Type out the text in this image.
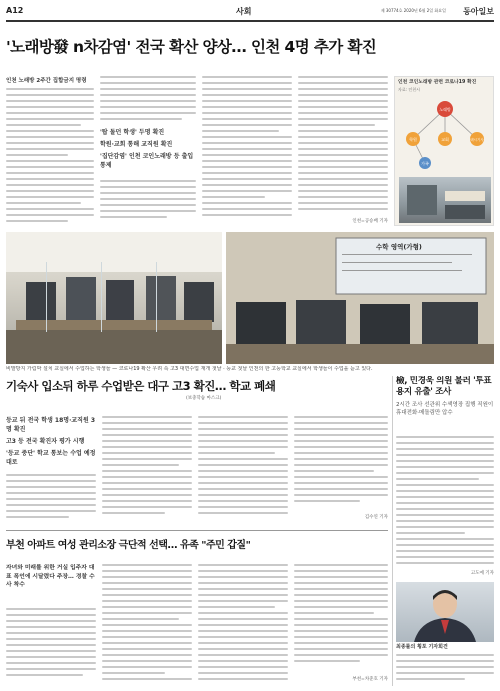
A12	사회	제 30774호 2020년 6월 2일 화요일 동아일보
'노래방發 n차감염' 전국 확산 양상… 인천 4명 추가 확진
인천 노래방 2주간 집합금지 명령
'탑 돌던 학생' 두명 확진
학원·교회 통해 교직원 확진
'집단감염' 인천 코인노래방 등 출입 통제
인천=공승배 기자
인천 코인노래방 관련 코로나19 확진
자료: 인천시
노래방
학원	교회	택시기사
가족
수학 영역(가형)
비말방지 가림막 설치 교실에서 수업하는 학생들 — 코로나19 확산 우려 속 고3 대면수업 재개 첫날 · 등교 첫날 인천의 한 고등학교 교실에서 학생들이 수업을 듣고 있다.
檢, 민경욱 의원 불러 '투표용지 유출' 조사
2시간 조사 선관위 수색영장 집행 직원이 휴대전화·메돌림만 압수
고도예 기자
기숙사 입소뒤 하루 수업받은 대구 고3 확진… 학교 폐쇄
(보충학습 마스크)
등교 뒤 전국 학생 18명·교직원 3명 확진
고3 등 전국 확진자 평가 시행
'등교 중단' 학교 통보는 수업 예정대로
김수연 기자
부천 아파트 여성 관리소장 극단적 선택… 유족 "주민 갑질"
자녀와 미래를 위한 거실 입주자 대표 폭언에 시달렸다 주장… 경찰 수사 착수
부천=차준호 기자
최종률의 횡포 기자회견
